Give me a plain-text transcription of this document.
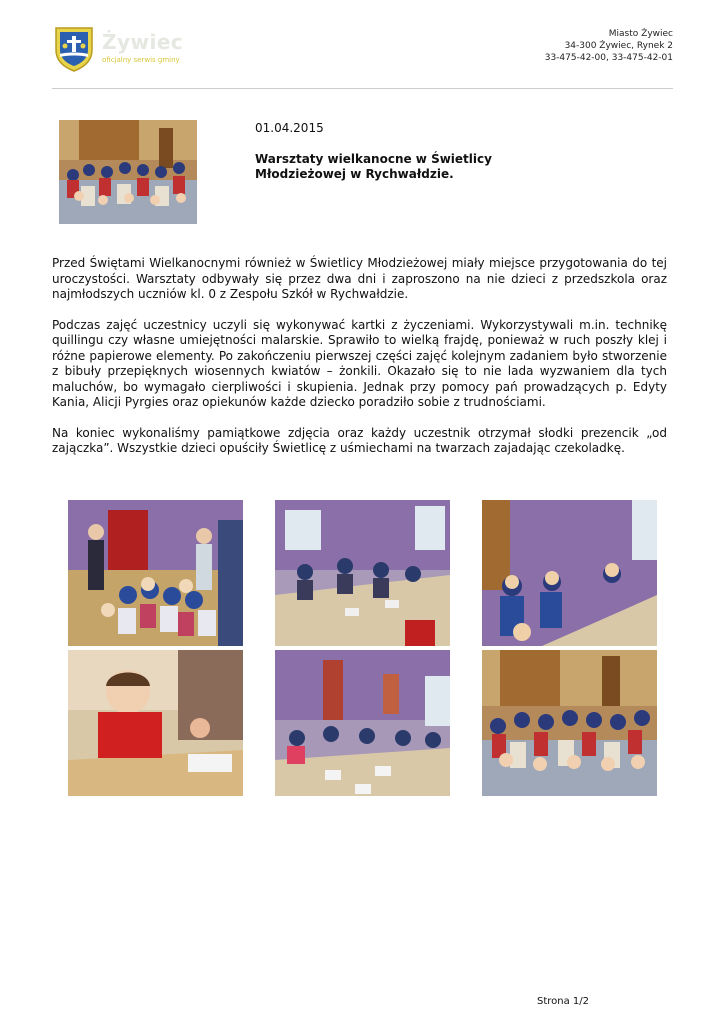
Żywiec
oficjalny serwis gminy
Miasto Żywiec
34-300 Żywiec, Rynek 2
33-475-42-00, 33-475-42-01
01.04.2015
Warsztaty wielkanocne w Świetlicy
Młodzieżowej w Rychwałdzie.

Przed Świętami Wielkanocnymi również w Świetlicy Młodzieżowej miały miejsce przygotowania do tej uroczystości. Warsztaty odbywały się przez dwa dni i zaproszono na nie dzieci z przedszkola oraz najmłodszych uczniów kl. 0 z Zespołu Szkół w Rychwałdzie.

Podczas zajęć uczestnicy uczyli się wykonywać kartki z życzeniami. Wykorzystywali m.in. technikę quillingu czy własne umiejętności malarskie. Sprawiło to wielką frajdę, ponieważ w ruch poszły klej i różne papierowe elementy. Po zakończeniu pierwszej części zajęć kolejnym zadaniem było stworzenie z bibuły przepięknych wiosennych kwiatów – żonkili. Okazało się to nie lada wyzwaniem dla tych maluchów, bo wymagało cierpliwości i skupienia. Jednak przy pomocy pań prowadzących p. Edyty Kania, Alicji Pyrgies oraz opiekunów każde dziecko poradziło sobie z trudnościami.

Na koniec wykonaliśmy pamiątkowe zdjęcia oraz każdy uczestnik otrzymał słodki prezencik „od zajączka”. Wszystkie dzieci opuściły Świetlicę z uśmiechami na twarzach zajadając czekoladkę.

Strona 1/2
